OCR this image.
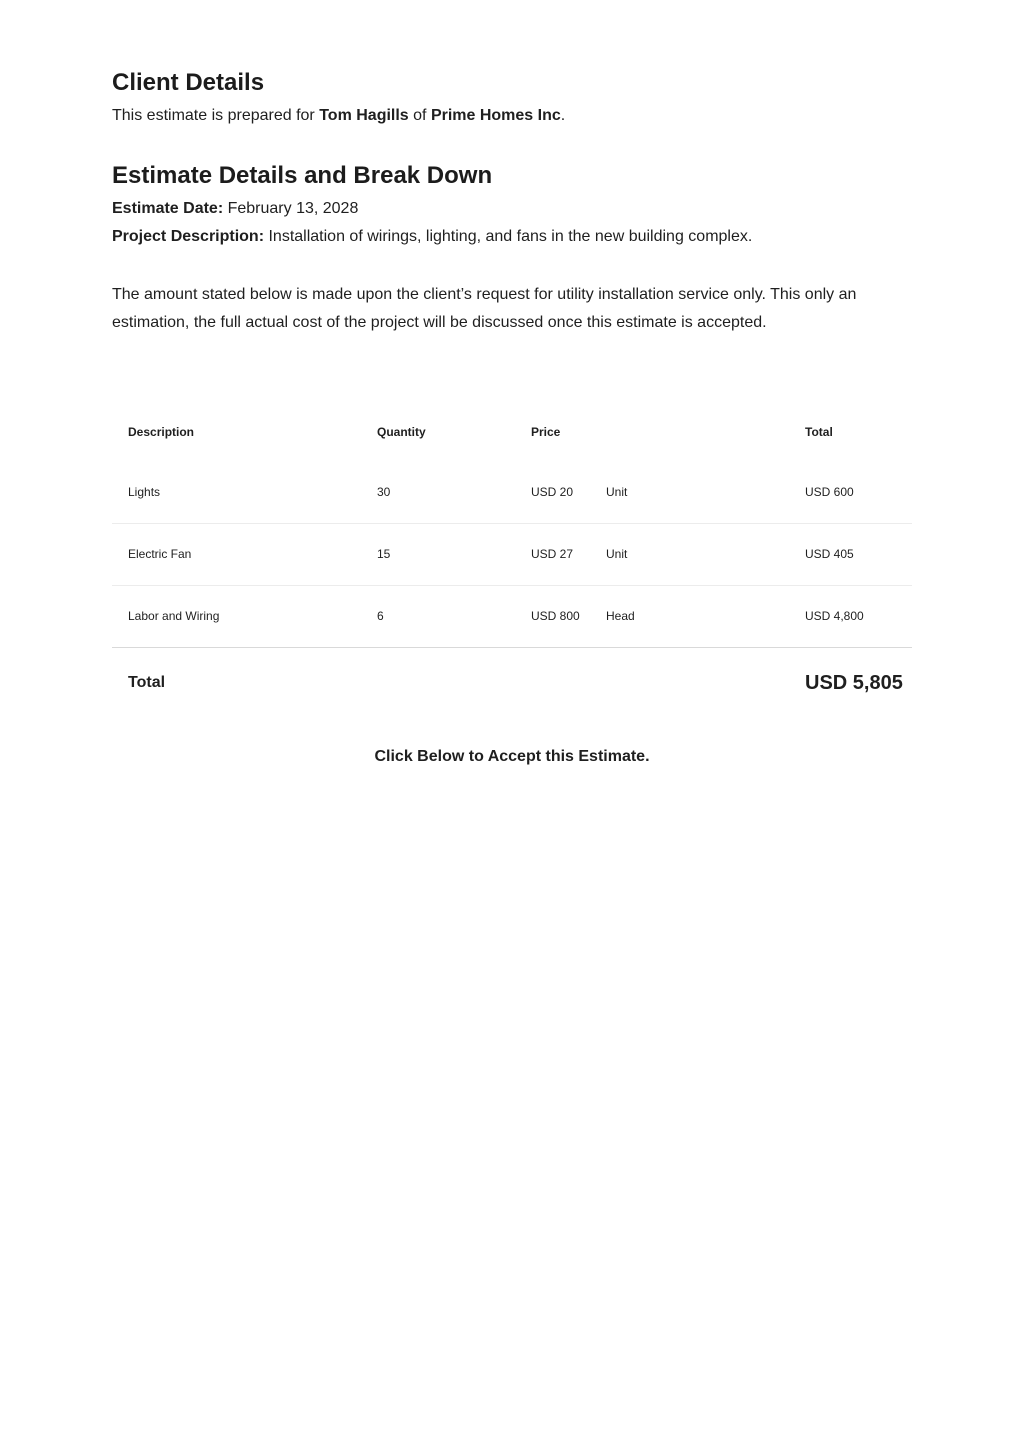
Client Details
This estimate is prepared for Tom Hagills of Prime Homes Inc.
Estimate Details and Break Down
Estimate Date: February 13, 2028
Project Description: Installation of wirings, lighting, and fans in the new building complex.
The amount stated below is made upon the client’s request for utility installation service only. This only an estimation, the full actual cost of the project will be discussed once this estimate is accepted.
Description	Quantity	Price	Total
Lights	30	USD 20	Unit	USD 600
Electric Fan	15	USD 27	Unit	USD 405
Labor and Wiring	6	USD 800 Head	USD 4,800
Total	USD 5,805
Click Below to Accept this Estimate.
